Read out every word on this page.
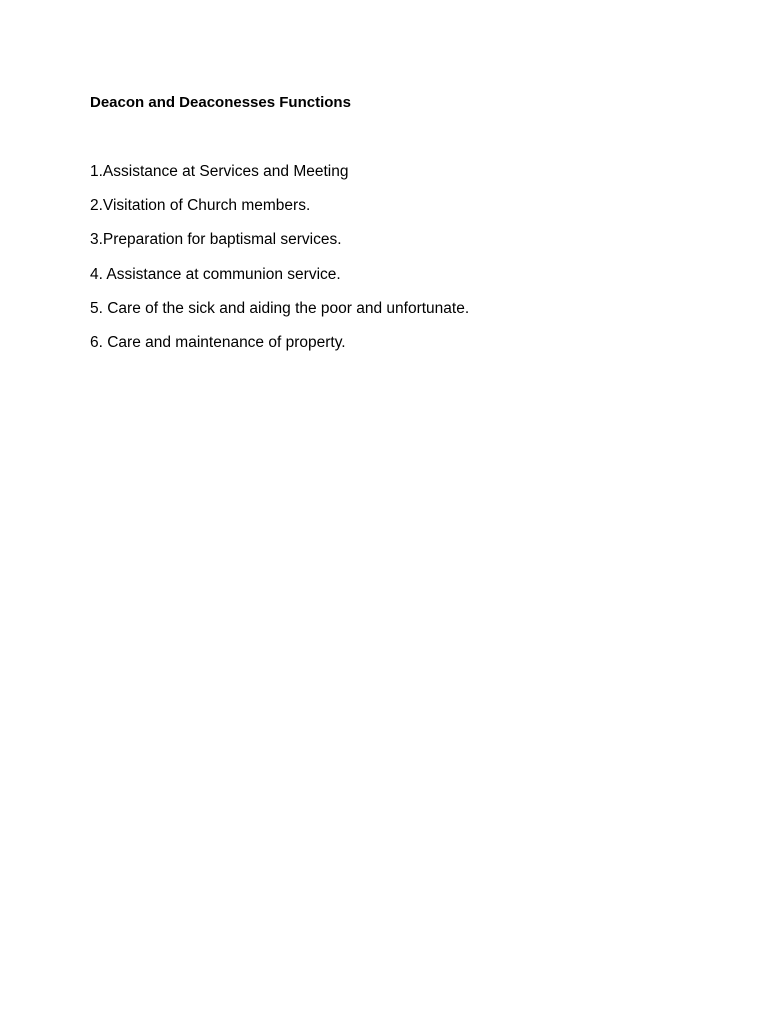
Deacon and Deaconesses Functions
1.Assistance at Services and Meeting
2.Visitation of Church members.
3.Preparation for baptismal services.
4. Assistance at communion service.
5. Care of the sick and aiding the poor and unfortunate.
6. Care and maintenance of property.
